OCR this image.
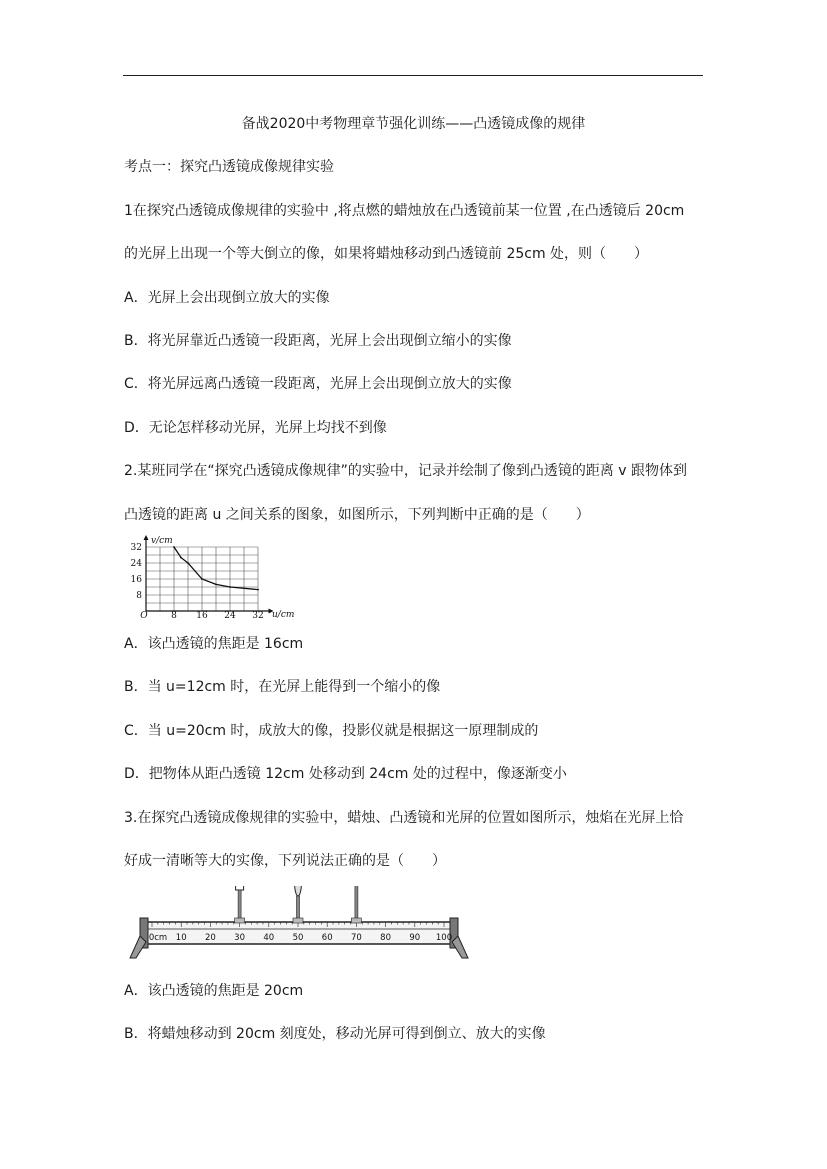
备战2020中考物理章节强化训练——凸透镜成像的规律
考点一：探究凸透镜成像规律实验
1在探究凸透镜成像规律的实验中 ,将点燃的蜡烛放在凸透镜前某一位置 ,在凸透镜后 20cm
的光屏上出现一个等大倒立的像，如果将蜡烛移动到凸透镜前 25cm 处，则（　　）
A．光屏上会出现倒立放大的实像
B．将光屏靠近凸透镜一段距离，光屏上会出现倒立缩小的实像
C．将光屏远离凸透镜一段距离，光屏上会出现倒立放大的实像
D．无论怎样移动光屏，光屏上均找不到像
2.某班同学在“探究凸透镜成像规律”的实验中，记录并绘制了像到凸透镜的距离 v 跟物体到
凸透镜的距离 u 之间关系的图象，如图所示，下列判断中正确的是（　　）
8 16 24 32
8
16
24
32
O	u/cm
v/cm
A．该凸透镜的焦距是 16cm
B．当 u=12cm 时，在光屏上能得到一个缩小的像
C．当 u=20cm 时，成放大的像，投影仪就是根据这一原理制成的
D．把物体从距凸透镜 12cm 处移动到 24cm 处的过程中，像逐渐变小
3.在探究凸透镜成像规律的实验中，蜡烛、凸透镜和光屏的位置如图所示，烛焰在光屏上恰
好成一清晰等大的实像，下列说法正确的是（　　）
0cm 10 20 30 40 50 60 70 80 90 100
A．该凸透镜的焦距是 20cm
B．将蜡烛移动到 20cm 刻度处，移动光屏可得到倒立、放大的实像
